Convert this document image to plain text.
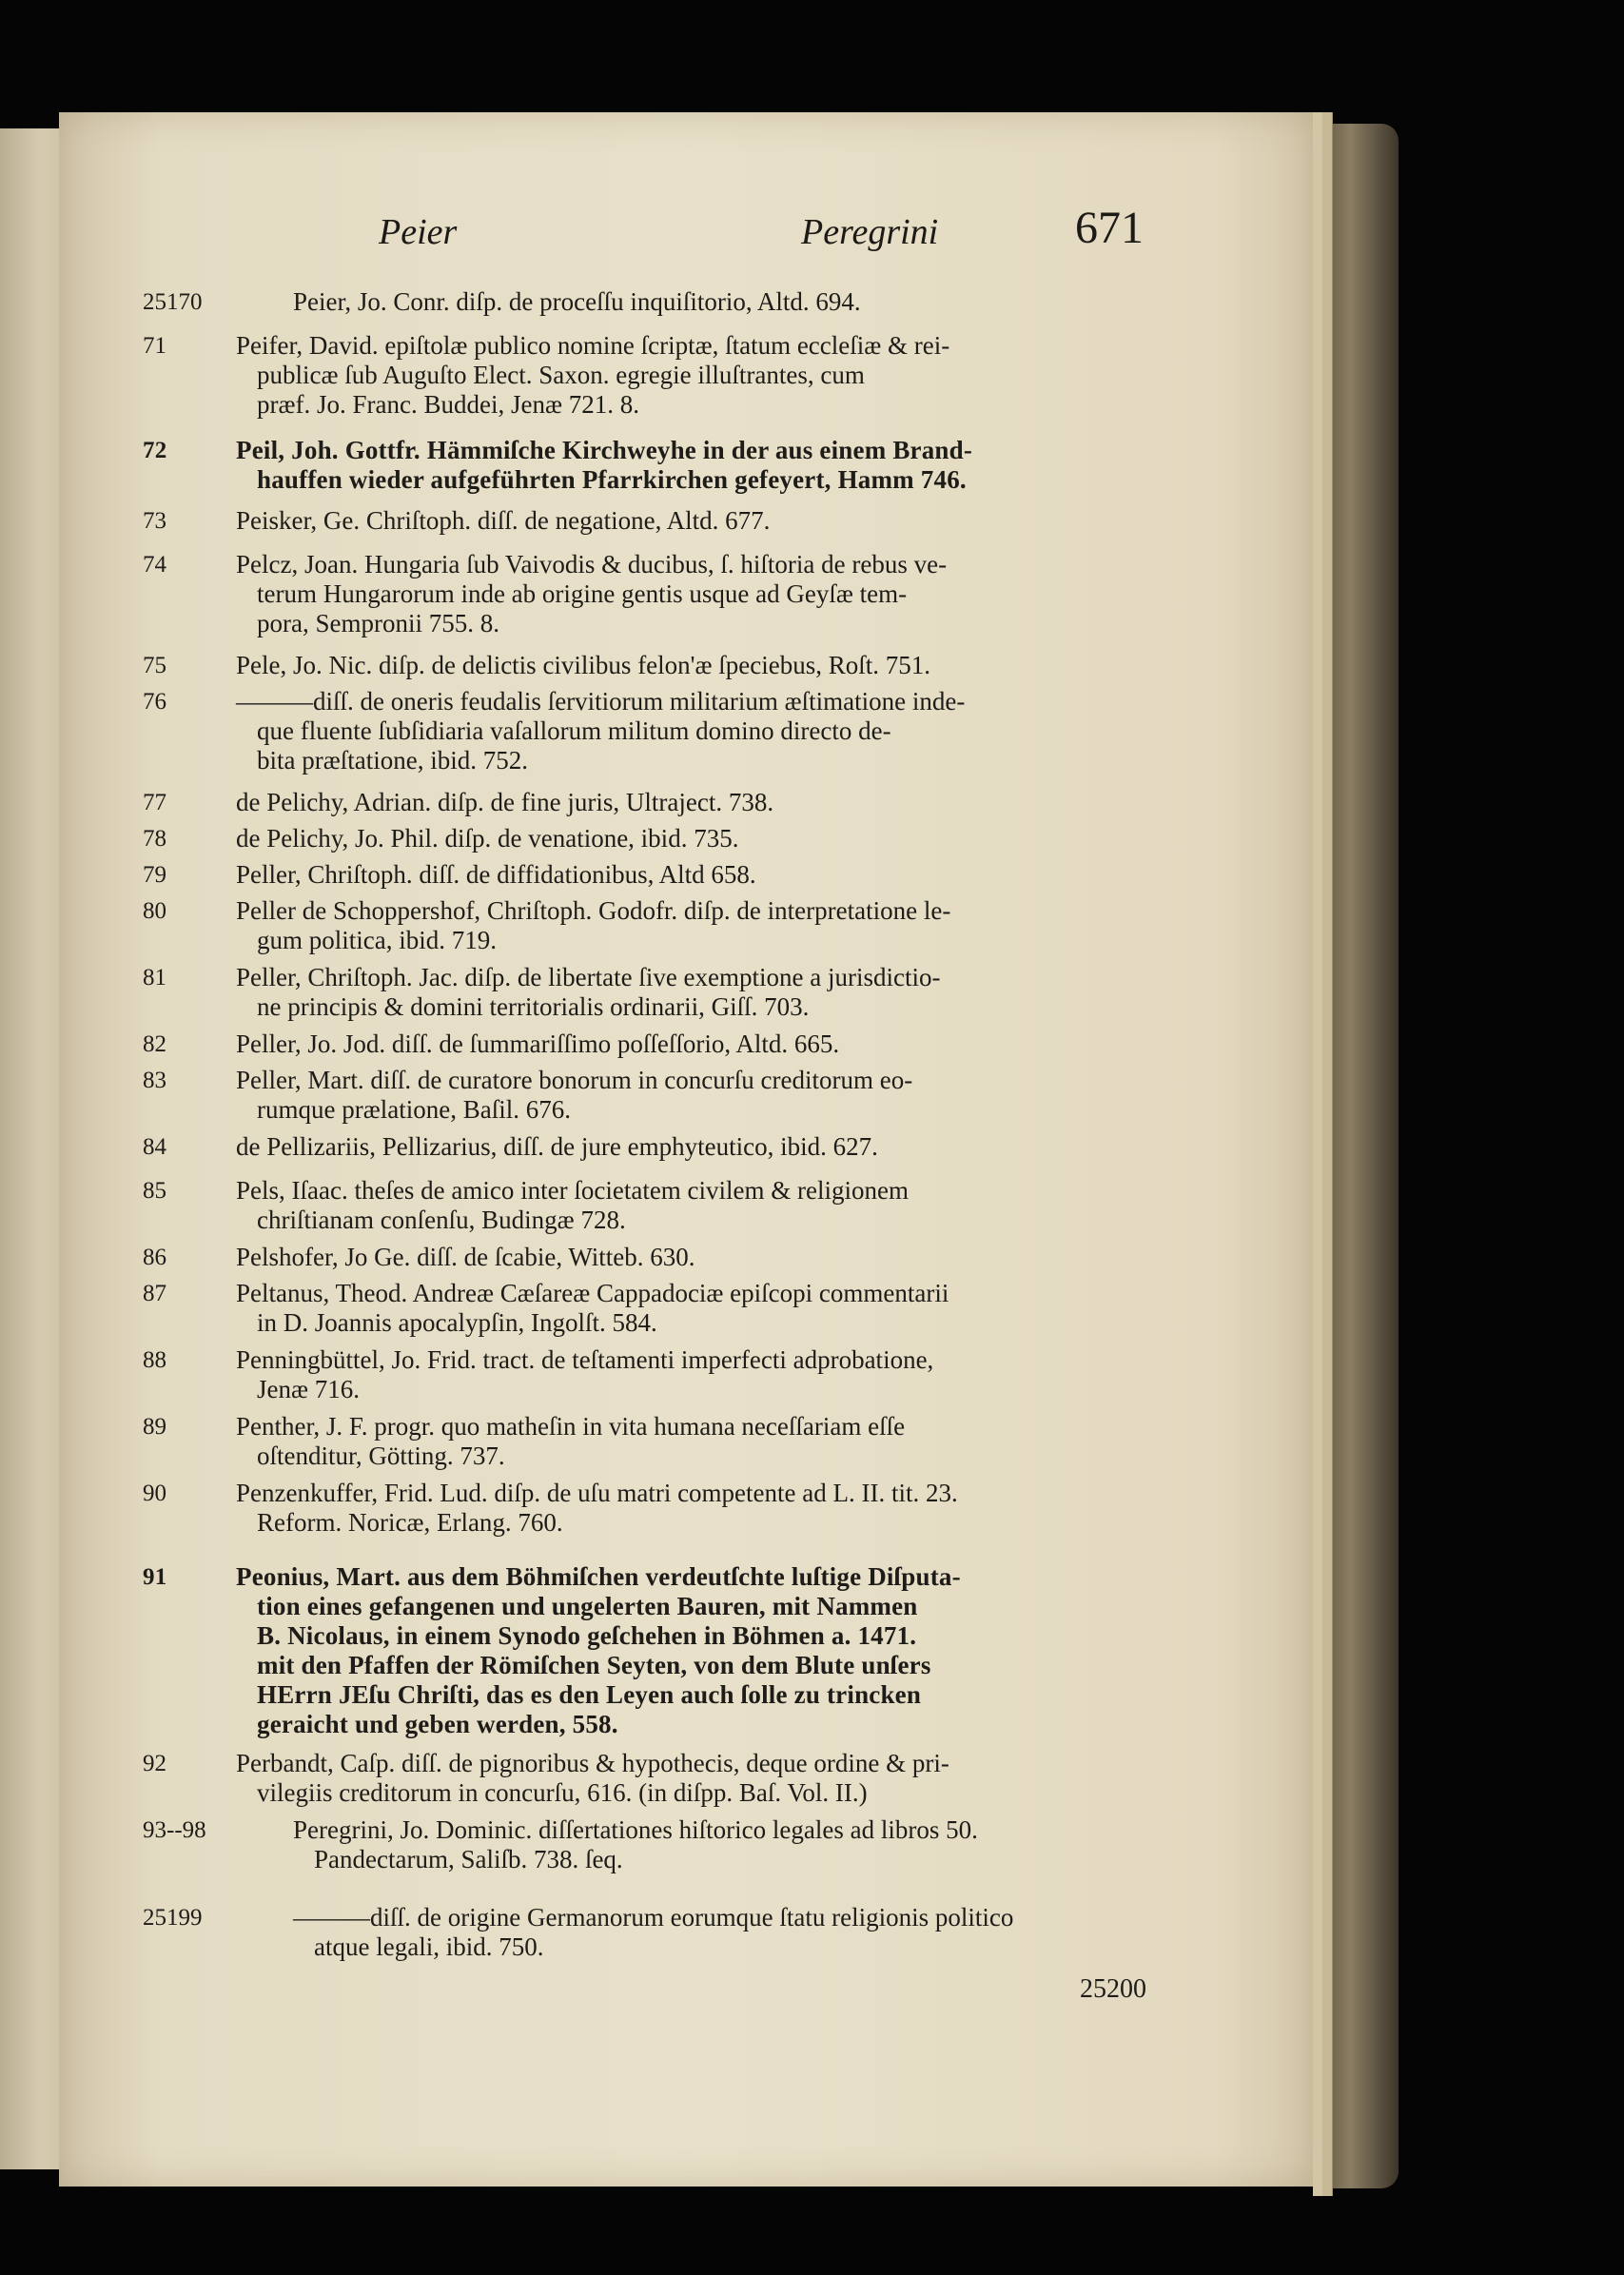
Peier	Peregrini	671
25170	Peier, Jo. Conr. diſp. de proceſſu inquiſitorio, Altd. 694.
71	Peifer, David. epiſtolæ publico nomine ſcriptæ, ſtatum eccleſiæ & rei-
publicæ ſub Auguſto Elect. Saxon. egregie illuſtrantes, cum
præf. Jo. Franc. Buddei, Jenæ 721. 8.
72	Peil, Joh. Gottfr. Hämmiſche Kirchweyhe in der aus einem Brand-
hauffen wieder aufgeführten Pfarrkirchen gefeyert, Hamm 746.
73	Peisker, Ge. Chriſtoph. diſſ. de negatione, Altd. 677.
74	Pelcz, Joan. Hungaria ſub Vaivodis & ducibus, ſ. hiſtoria de rebus ve-
terum Hungarorum inde ab origine gentis usque ad Geyſæ tem-
pora, Sempronii 755. 8.
75	Pele, Jo. Nic. diſp. de delictis civilibus felon'æ ſpeciebus, Roſt. 751.
76	———diſſ. de oneris feudalis ſervitiorum militarium æſtimatione inde-
que fluente ſubſidiaria vaſallorum militum domino directo de-
bita præſtatione, ibid. 752.
77	de Pelichy, Adrian. diſp. de fine juris, Ultraject. 738.
78	de Pelichy, Jo. Phil. diſp. de venatione, ibid. 735.
79	Peller, Chriſtoph. diſſ. de diffidationibus, Altd 658.
80	Peller de Schoppershof, Chriſtoph. Godofr. diſp. de interpretatione le-
gum politica, ibid. 719.
81	Peller, Chriſtoph. Jac. diſp. de libertate ſive exemptione a jurisdictio-
ne principis & domini territorialis ordinarii, Giſſ. 703.
82	Peller, Jo. Jod. diſſ. de ſummariſſimo poſſeſſorio, Altd. 665.
83	Peller, Mart. diſſ. de curatore bonorum in concurſu creditorum eo-
rumque prælatione, Baſil. 676.
84	de Pellizariis, Pellizarius, diſſ. de jure emphyteutico, ibid. 627.
85	Pels, Iſaac. theſes de amico inter ſocietatem civilem & religionem
chriſtianam conſenſu, Budingæ 728.
86	Pelshofer, Jo Ge. diſſ. de ſcabie, Witteb. 630.
87	Peltanus, Theod. Andreæ Cæſareæ Cappadociæ epiſcopi commentarii
in D. Joannis apocalypſin, Ingolſt. 584.
88	Penningbüttel, Jo. Frid. tract. de teſtamenti imperfecti adprobatione,
Jenæ 716.
89	Penther, J. F. progr. quo matheſin in vita humana neceſſariam eſſe
oſtenditur, Götting. 737.
90	Penzenkuffer, Frid. Lud. diſp. de uſu matri competente ad L. II. tit. 23.
Reform. Noricæ, Erlang. 760.
91	Peonius, Mart. aus dem Böhmiſchen verdeutſchte luſtige Diſputa-
tion eines gefangenen und ungelerten Bauren, mit Nammen
B. Nicolaus, in einem Synodo geſchehen in Böhmen a. 1471.
mit den Pfaffen der Römiſchen Seyten, von dem Blute unſers
HErrn JEſu Chriſti, das es den Leyen auch ſolle zu trincken
geraicht und geben werden, 558.
92	Perbandt, Caſp. diſſ. de pignoribus & hypothecis, deque ordine & pri-
vilegiis creditorum in concurſu, 616. (in diſpp. Baſ. Vol. II.)
93--98	Peregrini, Jo. Dominic. diſſertationes hiſtorico legales ad libros 50.
Pandectarum, Saliſb. 738. ſeq.
25199	———diſſ. de origine Germanorum eorumque ſtatu religionis politico
atque legali, ibid. 750.
25200
